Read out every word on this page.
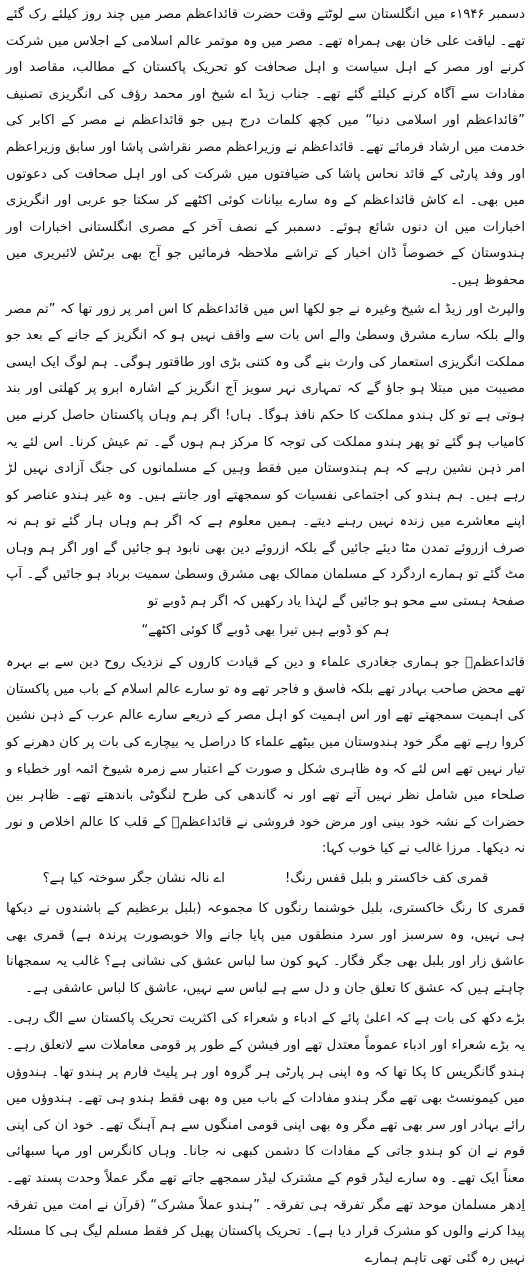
دسمبر ۱۹۴۶ء میں انگلستان سے لوٹتے وقت حضرت قائداعظم مصر میں چند روز کیلئے رک گئے تھے۔ لیاقت علی خان بھی ہمراہ تھے۔ مصر میں وہ موتمر عالم اسلامی کے اجلاس میں شرکت کرنے اور مصر کے اہل سیاست و اہل صحافت کو تحریک پاکستان کے مطالب، مقاصد اور مفادات سے آگاہ کرنے کیلئے گئے تھے۔ جناب زیڈ اے شیخ اور محمد رؤف کی انگریزی تصنیف ”قائداعظم اور اسلامی دنیا“ میں کچھ کلمات درج ہیں جو قائداعظم نے مصر کے اکابر کی خدمت میں ارشاد فرمائے تھے۔ قائداعظم نے وزیراعظم مصر نقراشی پاشا اور سابق وزیراعظم اور وفد پارٹی کے قائد نحاس پاشا کی ضیافتوں میں شرکت کی اور اہل صحافت کی دعوتوں میں بھی۔ اے کاش قائداعظم کے وہ سارے بیانات کوئی اکٹھے کر سکتا جو عربی اور انگریزی اخبارات میں ان دنوں شائع ہوئے۔ دسمبر کے نصف آخر کے مصری انگلستانی اخبارات اور ہندوستان کے خصوصاً ڈان اخبار کے تراشے ملاحظہ فرمائیں جو آج بھی برٹش لائبریری میں محفوظ ہیں۔

والپرٹ اور زیڈ اے شیخ وغیرہ نے جو لکھا اس میں قائداعظم کا اس امر پر زور تھا کہ ”تم مصر والے بلکہ سارے مشرق وسطیٰ والے اس بات سے واقف نہیں ہو کہ انگریز کے جانے کے بعد جو مملکت انگریزی استعمار کی وارث بنے گی وہ کتنی بڑی اور طاقتور ہوگی۔ ہم لوگ ایک ایسی مصیبت میں مبتلا ہو جاؤ گے کہ تمہاری نہر سویز آج انگریز کے اشارہ ابرو پر کھلتی اور بند ہوتی ہے تو کل ہندو مملکت کا حکم نافذ ہوگا۔ ہاں! اگر ہم وہاں پاکستان حاصل کرنے میں کامیاب ہو گئے تو پھر ہندو مملکت کی توجہ کا مرکز ہم ہوں گے۔ تم عیش کرنا۔ اس لئے یہ امر ذہن نشین رہے کہ ہم ہندوستان میں فقط وہیں کے مسلمانوں کی جنگ آزادی نہیں لڑ رہے ہیں۔ ہم ہندو کی اجتماعی نفسیات کو سمجھتے اور جانتے ہیں۔ وہ غیر ہندو عناصر کو اپنے معاشرے میں زندہ نہیں رہنے دیتے۔ ہمیں معلوم ہے کہ اگر ہم وہاں ہار گئے تو ہم نہ صرف ازروئے تمدن مٹا دیئے جائیں گے بلکہ ازروئے دین بھی نابود ہو جائیں گے اور اگر ہم وہاں مٹ گئے تو ہمارے اردگرد کے مسلمان ممالک بھی مشرق وسطیٰ سمیت برباد ہو جائیں گے۔ آپ صفحۂ ہستی سے محو ہو جائیں گے لہٰذا یاد رکھیں کہ اگر ہم ڈوبے تو

ہم کو ڈوبے ہیں تیرا بھی ڈوبے گا کوئی اکٹھے“

قائداعظمؒ جو ہماری جغادری علماء و دین کے قیادت کاروں کے نزدیک روح دین سے بے بہرہ تھے محض صاحب بہادر تھے بلکہ فاسق و فاجر تھے وہ تو سارے عالم اسلام کے باب میں پاکستان کی اہمیت سمجھتے تھے اور اس اہمیت کو اہل مصر کے ذریعے سارے عالم عرب کے ذہن نشین کروا رہے تھے مگر خود ہندوستان میں بیٹھے علماء کا دراصل یہ بیچارے کی بات پر کان دھرنے کو تیار نہیں تھے اس لئے کہ وہ ظاہری شکل و صورت کے اعتبار سے زمرہ شیوخ ائمہ اور خطباء و صلحاء میں شامل نظر نہیں آتے تھے اور نہ گاندھی کی طرح لنگوٹی باندھتے تھے۔ ظاہر بین حضرات کے نشہ خود بینی اور مرض خود فروشی نے قائداعظمؒ کے قلب کا عالم اخلاص و نور نہ دیکھا۔ مرزا غالب نے کیا خوب کہا:

قمری کف خاکستر و بلبل قفس رنگ!
اے نالہ نشان جگر سوختہ کیا ہے؟

قمری کا رنگ خاکستری، بلبل خوشنما رنگوں کا مجموعہ (بلبل برعظیم کے باشندوں نے دیکھا ہی نہیں، وہ سرسبز اور سرد منطقوں میں پایا جانے والا خوبصورت پرندہ ہے) قمری بھی عاشق زار اور بلبل بھی جگر فگار۔ کہو کون سا لباس عشق کی نشانی ہے؟ غالب یہ سمجھانا چاہتے ہیں کہ عشق کا تعلق جان و دل سے ہے لباس سے نہیں، عاشق کا لباس عاشقی ہے۔

بڑے دکھ کی بات ہے کہ اعلیٰ پائے کے ادباء و شعراء کی اکثریت تحریک پاکستان سے الگ رہی۔ یہ بڑے شعراء اور ادباء عموماً معتدل تھے اور فیشن کے طور پر قومی معاملات سے لاتعلق رہے۔ ہندو گانگریس کا پکا تھا کہ وہ اپنی ہر پارٹی ہر گروہ اور ہر پلیٹ فارم پر ہندو تھا۔ ہندوؤں میں کیمونسٹ بھی تھے مگر ہندو مفادات کے باب میں وہ بھی فقط ہندو ہی تھے۔ ہندوؤں میں رائے بہادر اور سر بھی تھے مگر وہ بھی اپنی قومی امنگوں سے ہم آہنگ تھے۔ خود ان کی اپنی قوم نے ان کو ہندو جاتی کے مفادات کا دشمن کبھی نہ جانا۔ وہاں کانگرس اور مہا سبھائی معناً ایک تھے۔ وہ سارے لیڈر قوم کے مشترک لیڈر سمجھے جاتے تھے مگر عملاً وحدت پسند تھے۔ اِدھر مسلمان موحد تھے مگر تفرقہ ہی تفرقہ۔ ”ہندو عملاً مشرک“ (قرآن نے امت میں تفرقہ پیدا کرنے والوں کو مشرک قرار دیا ہے)۔ تحریک پاکستان پھیل کر فقط مسلم لیگ ہی کا مسئلہ نہیں رہ گئی تھی تاہم ہمارے
